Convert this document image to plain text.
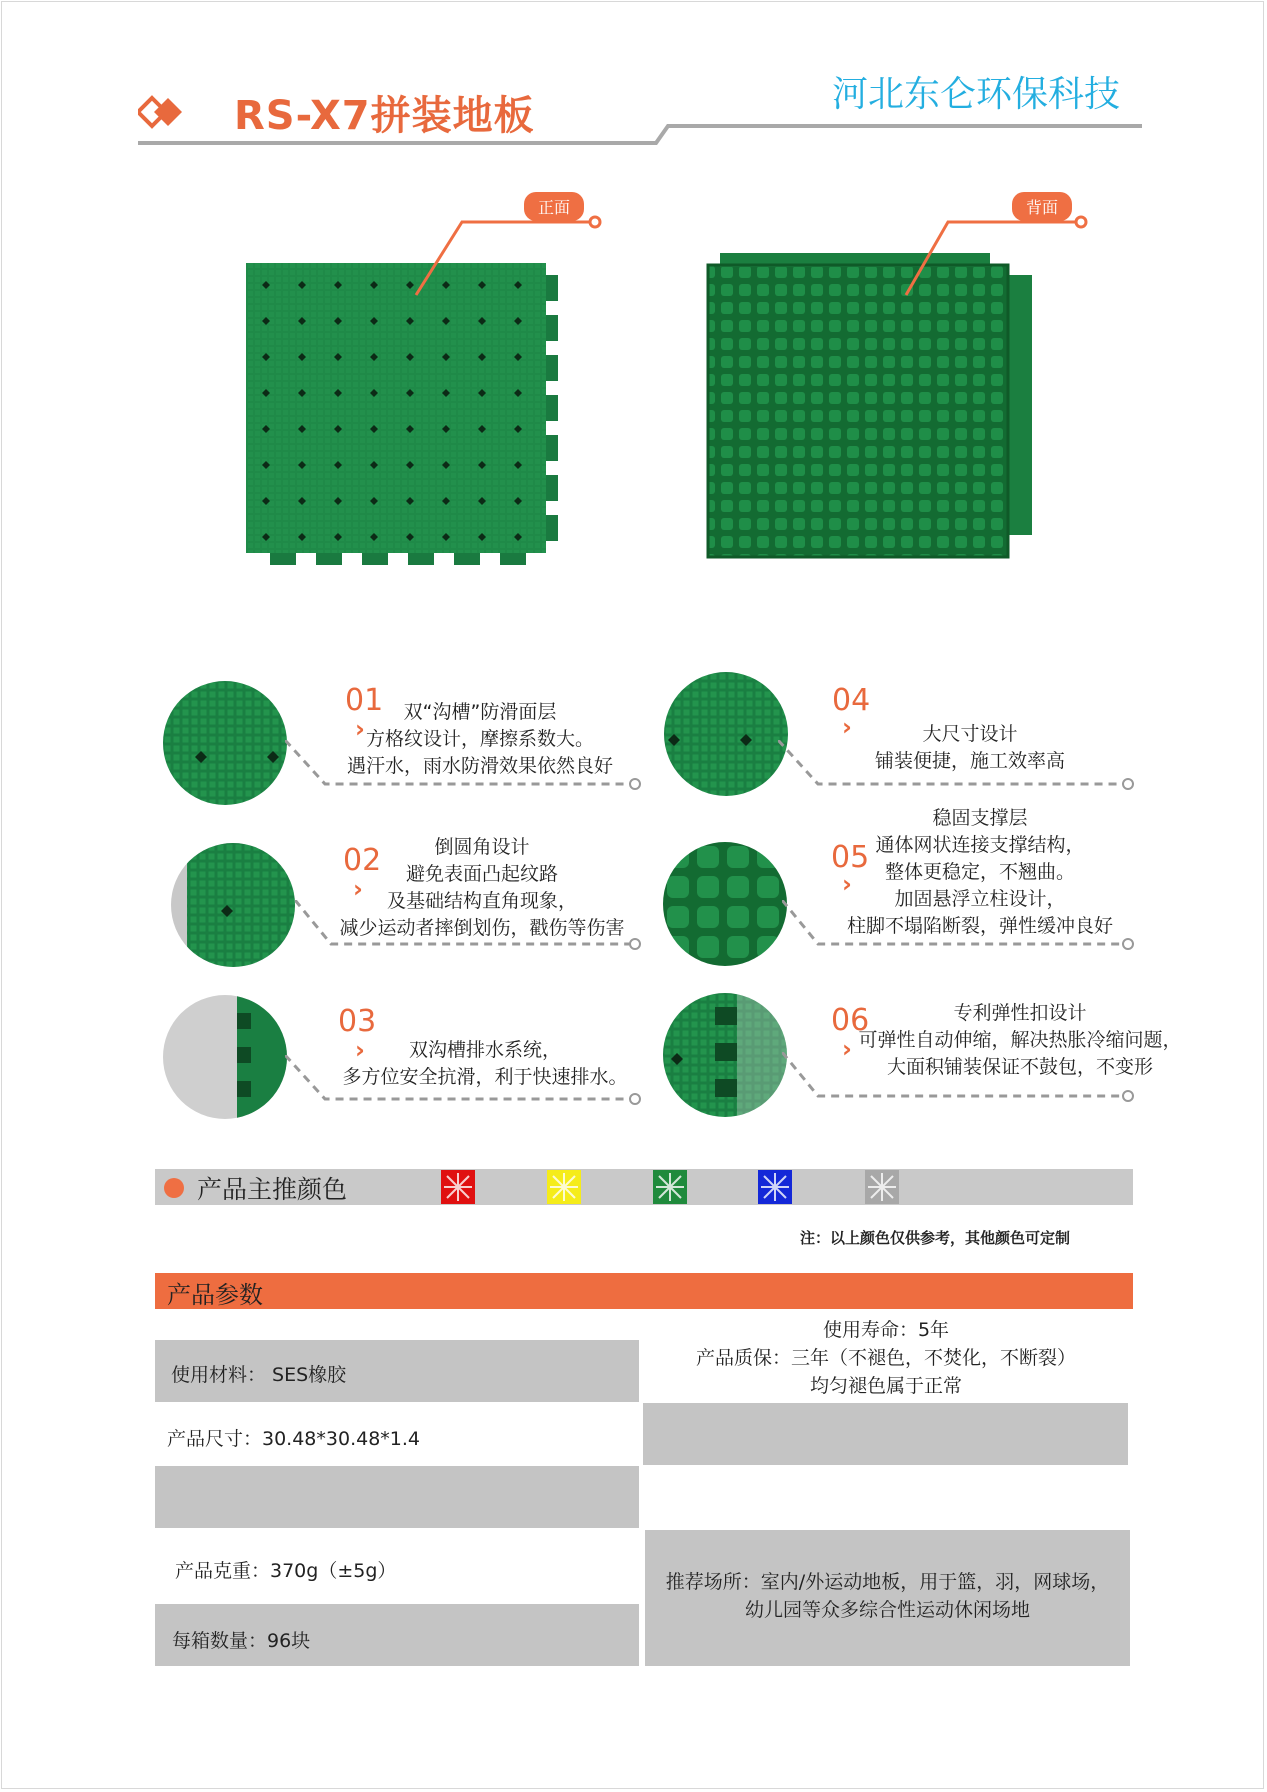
RS-X7拼装地板	河北东仑环保科技
正面	背面
01
›
双“沟槽”防滑面层
方格纹设计，摩擦系数大。
遇汗水，雨水防滑效果依然良好
02
›
倒圆角设计
避免表面凸起纹路
及基础结构直角现象，
减少运动者摔倒划伤，戳伤等伤害
03
›	双沟槽排水系统，
多方位安全抗滑，利于快速排水。
04
›	大尺寸设计
铺装便捷，施工效率高
05
›
稳固支撑层
通体网状连接支撑结构，
整体更稳定，不翘曲。
加固悬浮立柱设计，
柱脚不塌陷断裂，弹性缓冲良好
06
›
专利弹性扣设计
可弹性自动伸缩，解决热胀冷缩问题，
大面积铺装保证不鼓包，不变形
产品主推颜色
注：以上颜色仅供参考，其他颜色可定制
产品参数
使用材料： SES橡胶
产品尺寸：30.48*30.48*1.4
产品克重：370g（±5g）
每箱数量：96块
使用寿命：5年
产品质保：三年（不褪色，不焚化，不断裂）
均匀褪色属于正常
推荐场所：室内/外运动地板，用于篮，羽，网球场，
幼儿园等众多综合性运动休闲场地
